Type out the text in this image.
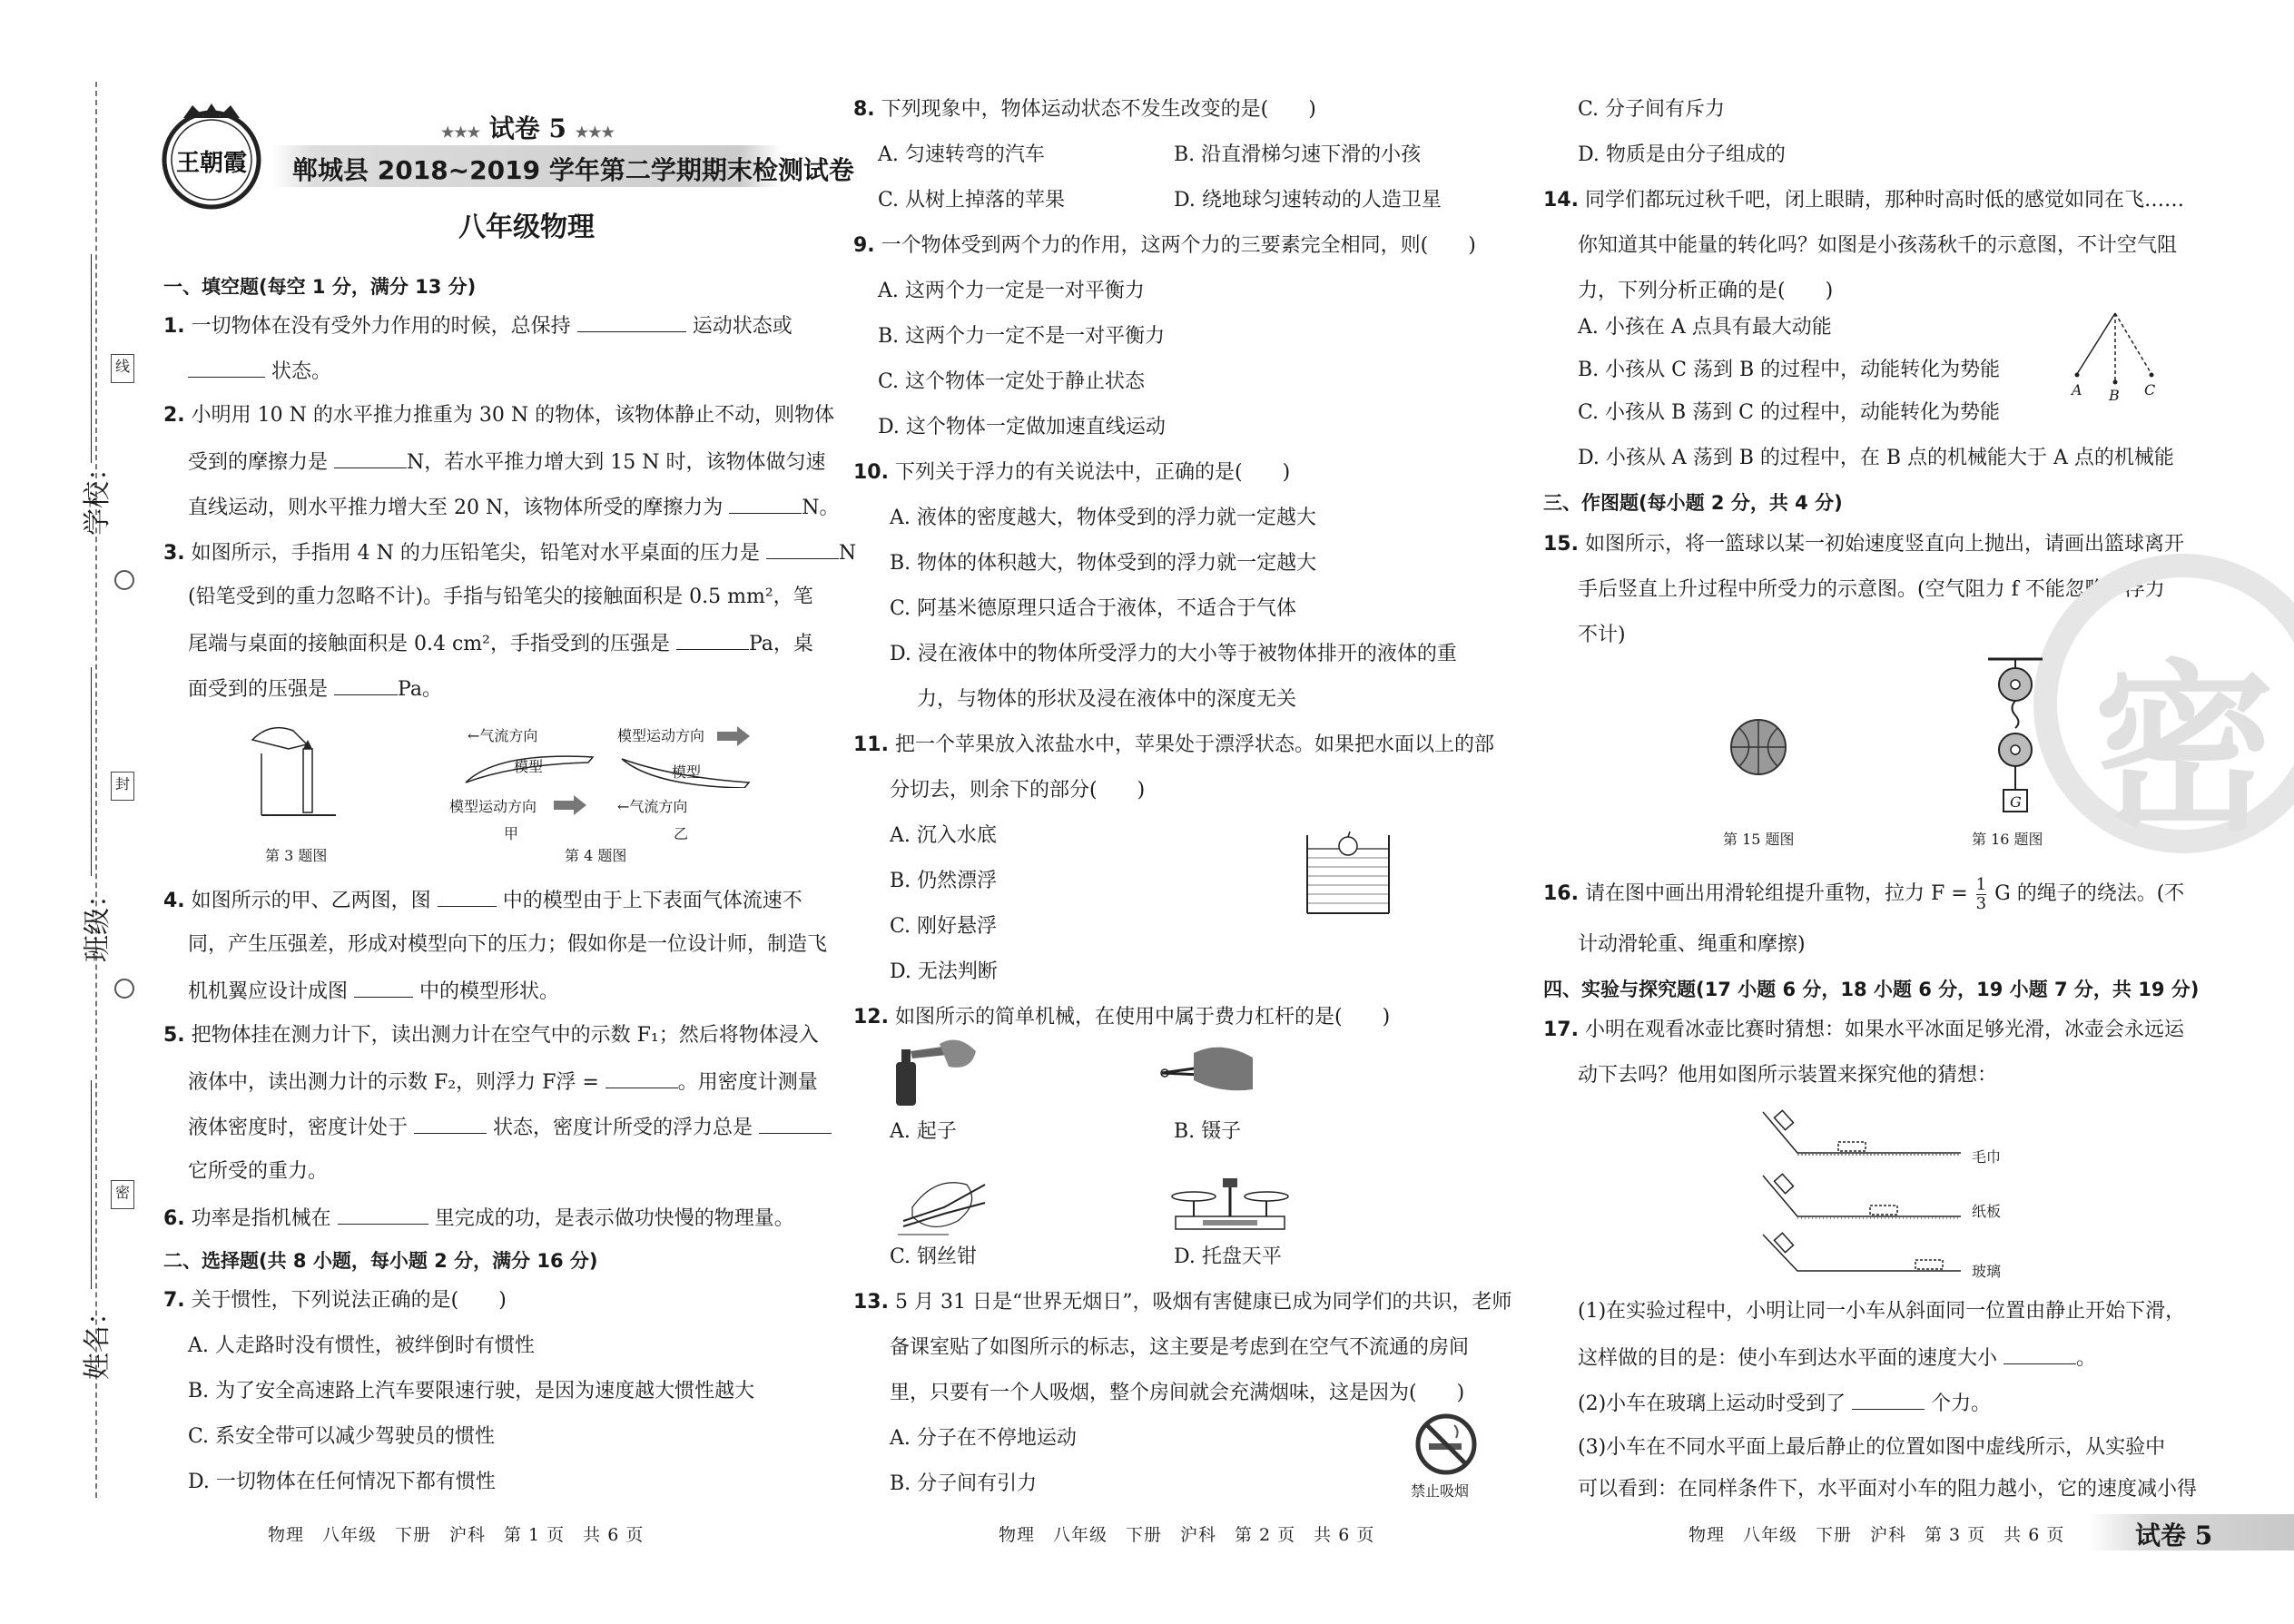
线
封
密
学校：
班级：
姓名：
王朝霞
★★★ 试卷 5 ★★★
郸城县 2018~2019 学年第二学期期末检测试卷
八年级物理
一、填空题(每空 1 分，满分 13 分)
1. 一切物体在没有受外力作用的时候，总保持	运动状态或
状态。
2. 小明用 10 N 的水平推力推重为 30 N 的物体，该物体静止不动，则物体
受到的摩擦力是	N，若水平推力增大到 15 N 时，该物体做匀速
直线运动，则水平推力增大至 20 N，该物体所受的摩擦力为	N。
3. 如图所示，手指用 4 N 的力压铅笔尖，铅笔对水平桌面的压力是	N
(铅笔受到的重力忽略不计)。手指与铅笔尖的接触面积是 0.5 mm²，笔
尾端与桌面的接触面积是 0.4 cm²，手指受到的压强是	Pa，桌
面受到的压强是	Pa。
第 3 题图
←气流方向	模型运动方向
模型	模型
模型运动方向	←气流方向
甲	乙
第 4 题图
4. 如图所示的甲、乙两图，图	中的模型由于上下表面气体流速不
同，产生压强差，形成对模型向下的压力；假如你是一位设计师，制造飞
机机翼应设计成图	中的模型形状。
5. 把物体挂在测力计下，读出测力计在空气中的示数 F₁；然后将物体浸入
液体中，读出测力计的示数 F₂，则浮力 F浮 =	。用密度计测量
液体密度时，密度计处于	状态，密度计所受的浮力总是
它所受的重力。
6. 功率是指机械在	里完成的功，是表示做功快慢的物理量。
二、选择题(共 8 小题，每小题 2 分，满分 16 分)
7. 关于惯性，下列说法正确的是(　　)
A. 人走路时没有惯性，被绊倒时有惯性
B. 为了安全高速路上汽车要限速行驶，是因为速度越大惯性越大
C. 系安全带可以减少驾驶员的惯性
D. 一切物体在任何情况下都有惯性
物理　八年级　下册　沪科　第 1 页　共 6 页
8. 下列现象中，物体运动状态不发生改变的是(　　)
A. 匀速转弯的汽车	B. 沿直滑梯匀速下滑的小孩
C. 从树上掉落的苹果	D. 绕地球匀速转动的人造卫星
9. 一个物体受到两个力的作用，这两个力的三要素完全相同，则(　　)
A. 这两个力一定是一对平衡力
B. 这两个力一定不是一对平衡力
C. 这个物体一定处于静止状态
D. 这个物体一定做加速直线运动
10. 下列关于浮力的有关说法中，正确的是(　　)
A. 液体的密度越大，物体受到的浮力就一定越大
B. 物体的体积越大，物体受到的浮力就一定越大
C. 阿基米德原理只适合于液体，不适合于气体
D. 浸在液体中的物体所受浮力的大小等于被物体排开的液体的重
力，与物体的形状及浸在液体中的深度无关
11. 把一个苹果放入浓盐水中，苹果处于漂浮状态。如果把水面以上的部
分切去，则余下的部分(　　)
A. 沉入水底
B. 仍然漂浮
C. 刚好悬浮
D. 无法判断
12. 如图所示的简单机械，在使用中属于费力杠杆的是(　　)
A. 起子	B. 镊子
C. 钢丝钳	D. 托盘天平
13. 5 月 31 日是“世界无烟日”，吸烟有害健康已成为同学们的共识，老师
备课室贴了如图所示的标志，这主要是考虑到在空气不流通的房间
里，只要有一个人吸烟，整个房间就会充满烟味，这是因为(　　)
A. 分子在不停地运动
B. 分子间有引力	禁止吸烟
物理　八年级　下册　沪科　第 2 页　共 6 页
C. 分子间有斥力
D. 物质是由分子组成的
14. 同学们都玩过秋千吧，闭上眼睛，那种时高时低的感觉如同在飞……
你知道其中能量的转化吗？如图是小孩荡秋千的示意图，不计空气阻
力，下列分析正确的是(　　)
A. 小孩在 A 点具有最大动能
B. 小孩从 C 荡到 B 的过程中，动能转化为势能
C. 小孩从 B 荡到 C 的过程中，动能转化为势能
D. 小孩从 A 荡到 B 的过程中，在 B 点的机械能大于 A 点的机械能
A B C
三、作图题(每小题 2 分，共 4 分)
15. 如图所示，将一篮球以某一初始速度竖直向上抛出，请画出篮球离开
手后竖直上升过程中所受力的示意图。(空气阻力 f 不能忽略，浮力
不计)
密
第 15 题图
G
第 16 题图
16. 请在图中画出用滑轮组提升重物，拉力 $F = \frac{1}{3}$ G 的绳子的绕法。(不
计动滑轮重、绳重和摩擦)
四、实验与探究题(17 小题 6 分，18 小题 6 分，19 小题 7 分，共 19 分)
17. 小明在观看冰壶比赛时猜想：如果水平冰面足够光滑，冰壶会永远运
动下去吗？他用如图所示装置来探究他的猜想：
毛巾
纸板
玻璃
(1)在实验过程中，小明让同一小车从斜面同一位置由静止开始下滑，
这样做的目的是：使小车到达水平面的速度大小	。
(2)小车在玻璃上运动时受到了	个力。
(3)小车在不同水平面上最后静止的位置如图中虚线所示，从实验中
可以看到：在同样条件下，水平面对小车的阻力越小，它的速度减小得
物理　八年级　下册　沪科　第 3 页　共 6 页	试卷 5
